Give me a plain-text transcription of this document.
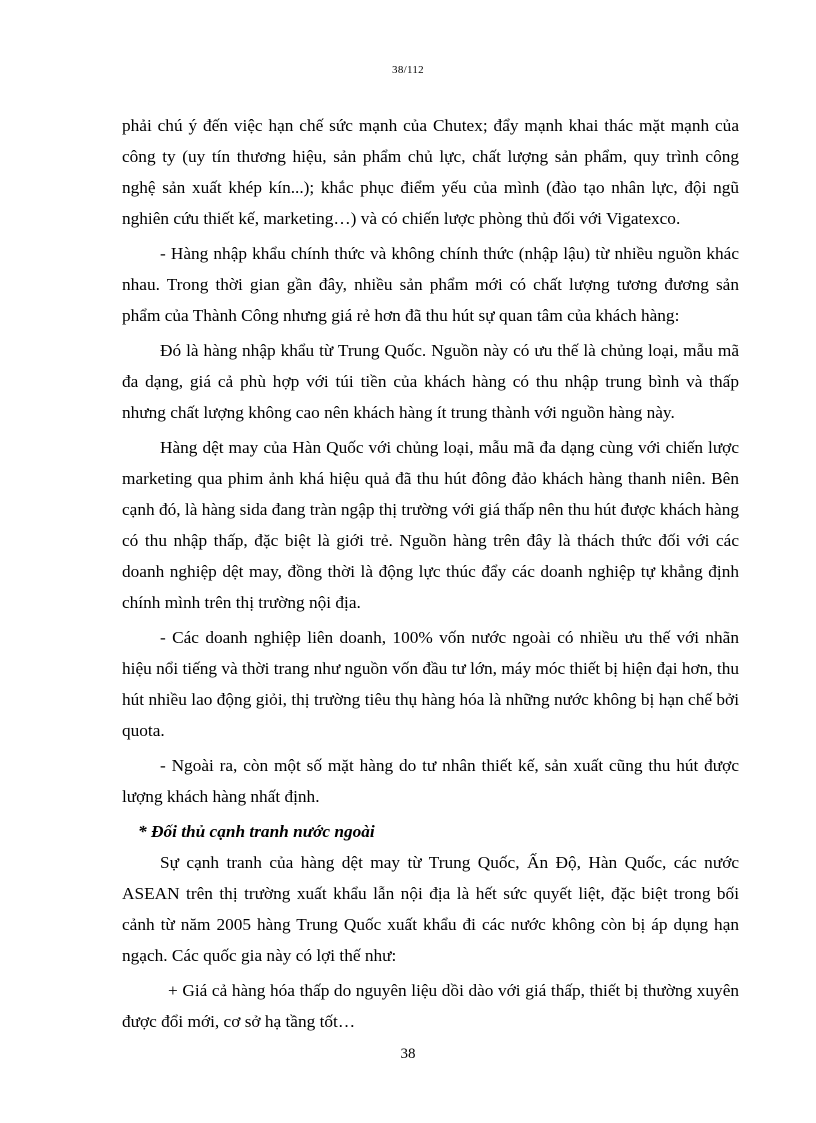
38/112

phải chú ý đến việc hạn chế sức mạnh của Chutex; đẩy mạnh khai thác mặt mạnh của công ty (uy tín thương hiệu, sản phẩm chủ lực, chất lượng sản phẩm, quy trình công nghệ sản xuất khép kín...); khắc phục điểm yếu của mình (đào tạo nhân lực, đội ngũ nghiên cứu thiết kế, marketing…) và có chiến lược phòng thủ đối với Vigatexco.

- Hàng nhập khẩu chính thức và không chính thức (nhập lậu) từ nhiều nguồn khác nhau. Trong thời gian gần đây, nhiều sản phẩm mới có chất lượng tương đương sản phẩm của Thành Công nhưng giá rẻ hơn đã thu hút sự quan tâm của khách hàng:

Đó là hàng nhập khẩu từ Trung Quốc. Nguồn này có ưu thế là chủng loại, mẫu mã đa dạng, giá cả phù hợp với túi tiền của khách hàng có thu nhập trung bình và thấp nhưng chất lượng không cao nên khách hàng ít trung thành với nguồn hàng này.

Hàng dệt may của Hàn Quốc với chủng loại, mẫu mã đa dạng cùng với chiến lược marketing qua phim ảnh khá hiệu quả đã thu hút đông đảo khách hàng thanh niên. Bên cạnh đó, là hàng sida đang tràn ngập thị trường với giá thấp nên thu hút được khách hàng có thu nhập thấp, đặc biệt là giới trẻ. Nguồn hàng trên đây là thách thức đối với các doanh nghiệp dệt may, đồng thời là động lực thúc đẩy các doanh nghiệp tự khẳng định chính mình trên thị trường nội địa.

- Các doanh nghiệp liên doanh, 100% vốn nước ngoài có nhiều ưu thế với nhãn hiệu nổi tiếng và thời trang như nguồn vốn đầu tư lớn, máy móc thiết bị hiện đại hơn, thu hút nhiều lao động giỏi, thị trường tiêu thụ hàng hóa là những nước không bị hạn chế bởi quota.

- Ngoài ra, còn một số mặt hàng do tư nhân thiết kế, sản xuất cũng thu hút được lượng khách hàng nhất định.

* Đối thủ cạnh tranh nước ngoài

Sự cạnh tranh của hàng dệt may từ Trung Quốc, Ấn Độ, Hàn Quốc, các nước ASEAN trên thị trường xuất khẩu lẫn nội địa là hết sức quyết liệt, đặc biệt trong bối cảnh từ năm 2005 hàng Trung Quốc xuất khẩu đi các nước không còn bị áp dụng hạn ngạch. Các quốc gia này có lợi thế như:

+ Giá cả hàng hóa thấp do nguyên liệu dồi dào với giá thấp, thiết bị thường xuyên được đổi mới, cơ sở hạ tầng tốt…

38
